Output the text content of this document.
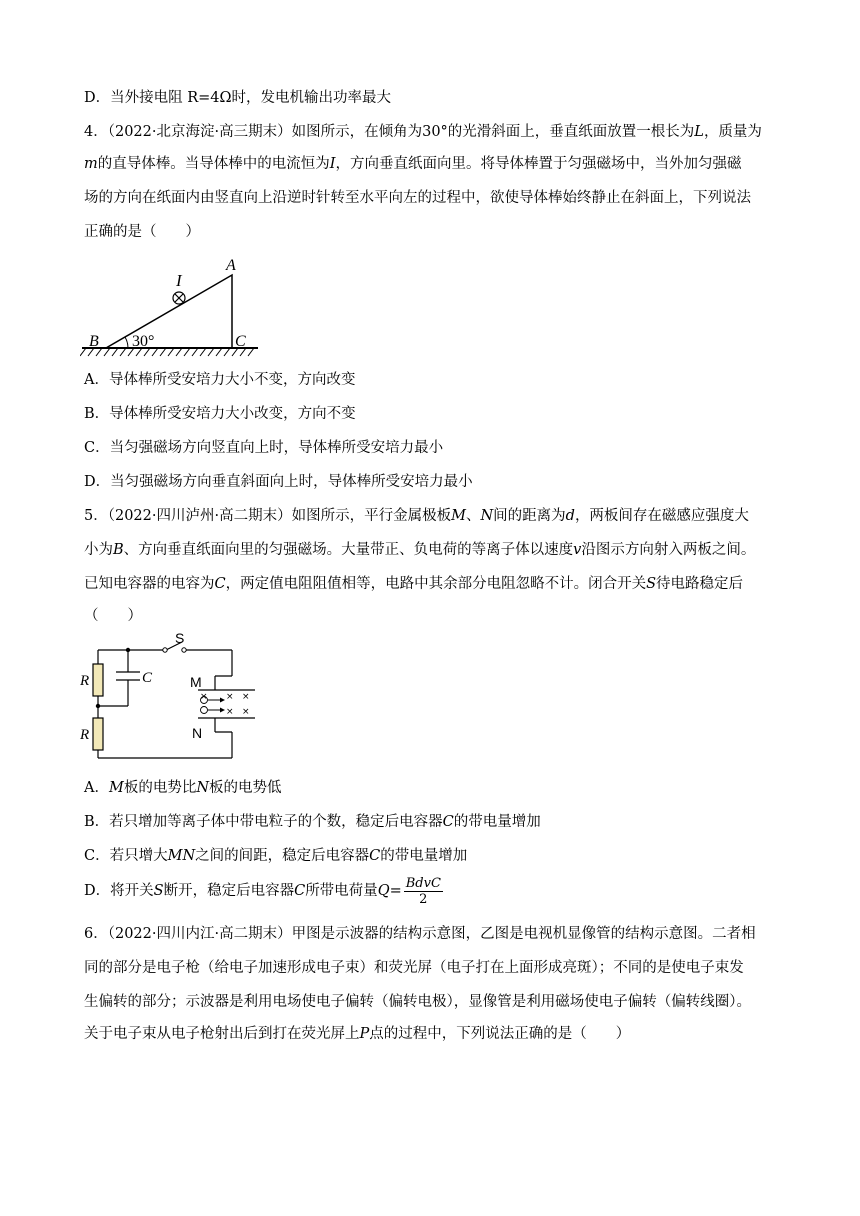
D．当外接电阻 R=4Ω时，发电机输出功率最大
4．（2022·北京海淀·高三期末）如图所示，在倾角为30°的光滑斜面上，垂直纸面放置一根长为L，质量为
m的直导体棒。当导体棒中的电流恒为I，方向垂直纸面向里。将导体棒置于匀强磁场中，当外加匀强磁
场的方向在纸面内由竖直向上沿逆时针转至水平向左的过程中，欲使导体棒始终静止在斜面上，下列说法
正确的是（　　）
I
A
B	C
30°
A．导体棒所受安培力大小不变，方向改变
B．导体棒所受安培力大小改变，方向不变
C．当匀强磁场方向竖直向上时，导体棒所受安培力最小
D．当匀强磁场方向垂直斜面向上时，导体棒所受安培力最小
5．（2022·四川泸州·高二期末）如图所示，平行金属极板M、N间的距离为d，两板间存在磁感应强度大
小为B、方向垂直纸面向里的匀强磁场。大量带正、负电荷的等离子体以速度v沿图示方向射入两板之间。
已知电容器的电容为C，两定值电阻阻值相等，电路中其余部分电阻忽略不计。闭合开关S待电路稳定后
（　　）
× × ×
× ×
S
R
R
C	M
N
A．M板的电势比N板的电势低
B．若只增加等离子体中带电粒子的个数，稳定后电容器C的带电量增加
C．若只增大MN之间的间距，稳定后电容器C的带电量增加
D．将开关S断开，稳定后电容器C所带电荷量$Q= \frac{\text{BdvC}}{2}$
6．（2022·四川内江·高二期末）甲图是示波器的结构示意图，乙图是电视机显像管的结构示意图。二者相
同的部分是电子枪（给电子加速形成电子束）和荧光屏（电子打在上面形成亮斑）；不同的是使电子束发
生偏转的部分；示波器是利用电场使电子偏转（偏转电极），显像管是利用磁场使电子偏转（偏转线圈）。
关于电子束从电子枪射出后到打在荧光屏上P点的过程中，下列说法正确的是（　　）
